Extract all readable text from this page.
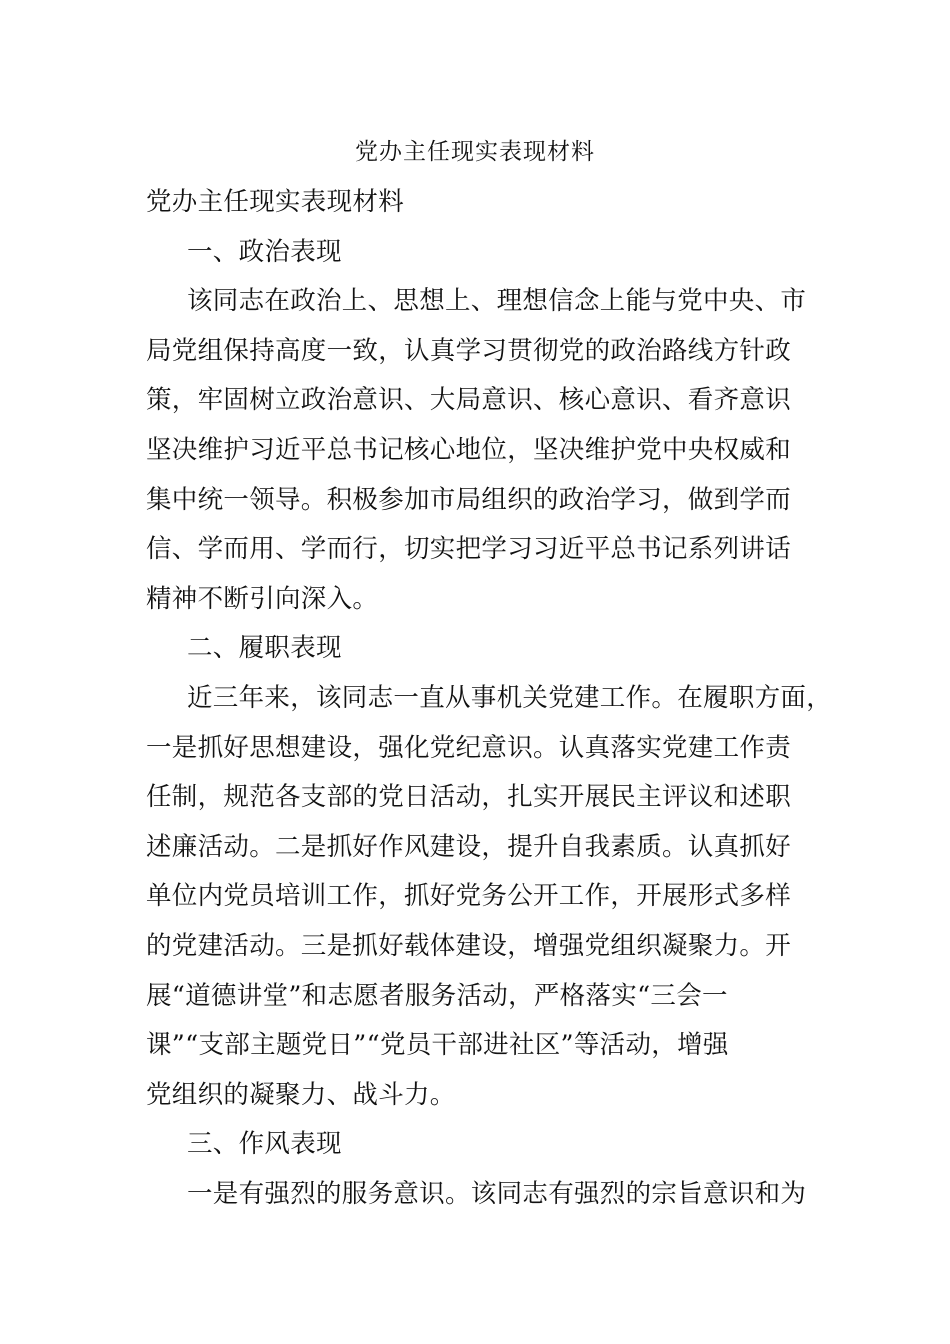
党办主任现实表现材料
党办主任现实表现材料
一、政治表现
该同志在政治上、思想上、理想信念上能与党中央、市
局党组保持高度一致，认真学习贯彻党的政治路线方针政
策，牢固树立政治意识、大局意识、核心意识、看齐意识
坚决维护习近平总书记核心地位，坚决维护党中央权威和
集中统一领导。积极参加市局组织的政治学习，做到学而
信、学而用、学而行，切实把学习习近平总书记系列讲话
精神不断引向深入。
二、履职表现
近三年来，该同志一直从事机关党建工作。在履职方面，
一是抓好思想建设，强化党纪意识。认真落实党建工作责
任制，规范各支部的党日活动，扎实开展民主评议和述职
述廉活动。二是抓好作风建设，提升自我素质。认真抓好
单位内党员培训工作，抓好党务公开工作，开展形式多样
的党建活动。三是抓好载体建设，增强党组织凝聚力。开
展“道德讲堂”和志愿者服务活动，严格落实“三会一
课”“支部主题党日”“党员干部进社区”等活动，增强
党组织的凝聚力、战斗力。
三、作风表现
一是有强烈的服务意识。该同志有强烈的宗旨意识和为
